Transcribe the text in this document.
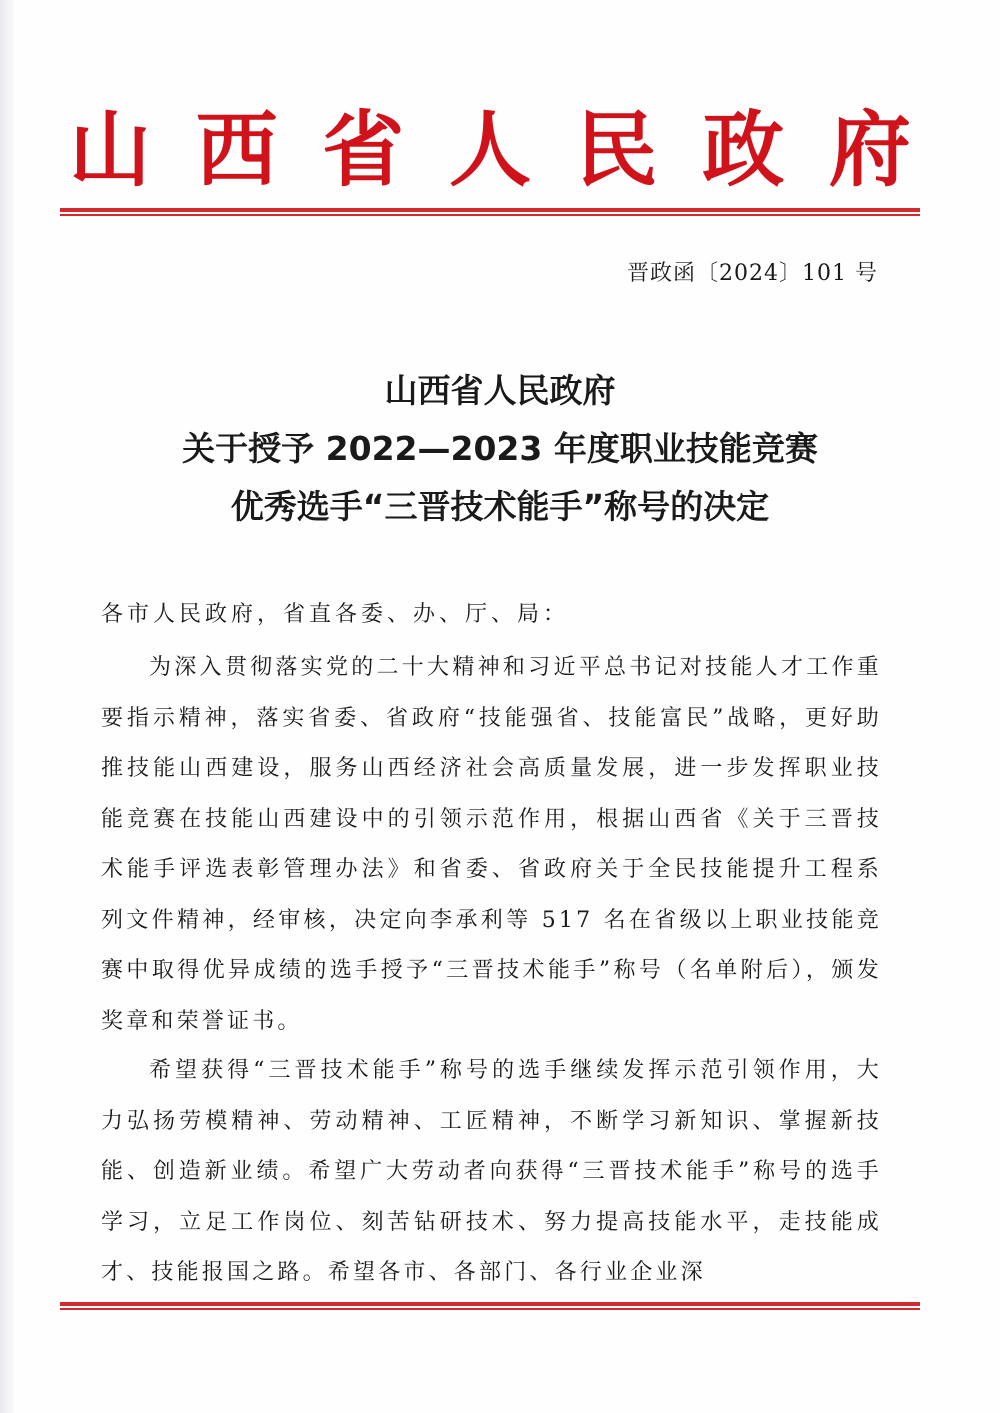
山 西 省 人 民 政 府
晋政函〔2024〕101 号
山西省人民政府
关于授予 2022—2023 年度职业技能竞赛
优秀选手“三晋技术能手”称号的决定
各市人民政府，省直各委、办、厅、局：

为深入贯彻落实党的二十大精神和习近平总书记对技能人才工作重要指示精神，落实省委、省政府“技能强省、技能富民”战略，更好助推技能山西建设，服务山西经济社会高质量发展，进一步发挥职业技能竞赛在技能山西建设中的引领示范作用，根据山西省《关于三晋技术能手评选表彰管理办法》和省委、省政府关于全民技能提升工程系列文件精神，经审核，决定向李承利等 517 名在省级以上职业技能竞赛中取得优异成绩的选手授予“三晋技术能手”称号（名单附后），颁发奖章和荣誉证书。

希望获得“三晋技术能手”称号的选手继续发挥示范引领作用，大力弘扬劳模精神、劳动精神、工匠精神，不断学习新知识、掌握新技能、创造新业绩。希望广大劳动者向获得“三晋技术能手”称号的选手学习，立足工作岗位、刻苦钻研技术、努力提高技能水平，走技能成才、技能报国之路。希望各市、各部门、各行业企业深
